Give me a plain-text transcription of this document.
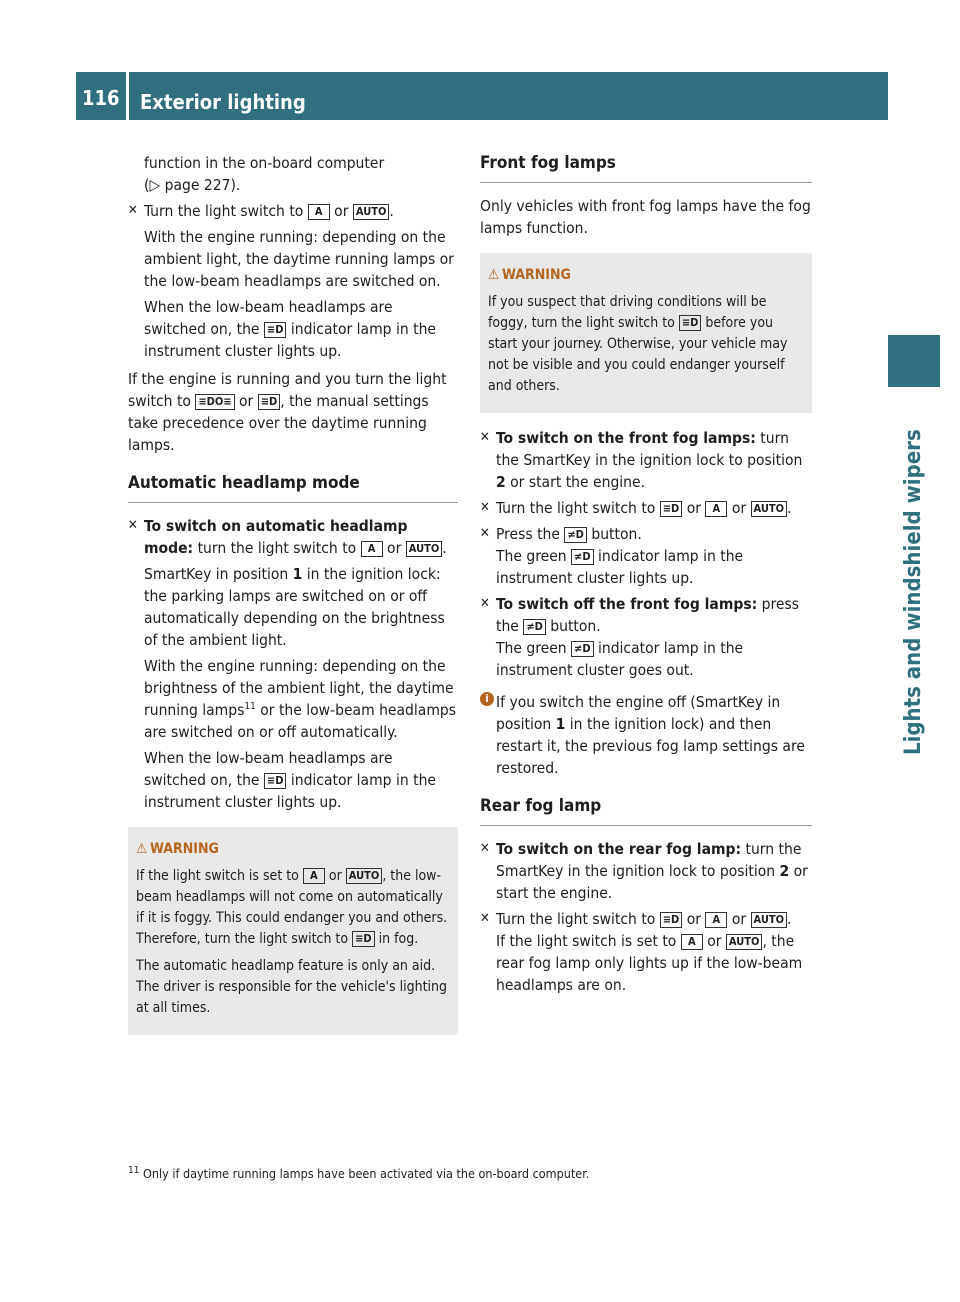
116 Exterior lighting
Lights and windshield wipers
function in the on-board computer
(▷ page 227).
✕ Turn the light switch to A or AUTO .

With the engine running: depending on the ambient light, the daytime running lamps or the low-beam headlamps are switched on.

When the low-beam headlamps are switched on, the ≡D indicator lamp in the instrument cluster lights up.

If the engine is running and you turn the light switch to ≡DO≡ or ≡D , the manual settings take precedence over the daytime running lamps.

Automatic headlamp mode
✕ To switch on automatic headlamp mode: turn the light switch to A or AUTO .

SmartKey in position 1 in the ignition lock: the parking lamps are switched on or off automatically depending on the brightness of the ambient light.

With the engine running: depending on the brightness of the ambient light, the daytime running lamps$^{11}$ or the low-beam headlamps are switched on or off automatically.

When the low-beam headlamps are switched on, the ≡D indicator lamp in the instrument cluster lights up.

⚠ WARNING

If the light switch is set to A or AUTO , the low-beam headlamps will not come on automatically if it is foggy. This could endanger you and others. Therefore, turn the light switch to ≡D in fog.

The automatic headlamp feature is only an aid. The driver is responsible for the vehicle's lighting at all times.

Front fog lamps

Only vehicles with front fog lamps have the fog lamps function.

⚠ WARNING

If you suspect that driving conditions will be foggy, turn the light switch to ≡D before you start your journey. Otherwise, your vehicle may not be visible and you could endanger yourself and others.

✕ To switch on the front fog lamps: turn the SmartKey in the ignition lock to position 2 or start the engine.

✕ Turn the light switch to ≡D or A or AUTO .

✕ Press the ≠D button.
The green ≠D indicator lamp in the instrument cluster lights up.

✕ To switch off the front fog lamps: press the ≠D button.
The green ≠D indicator lamp in the instrument cluster goes out.

i If you switch the engine off (SmartKey in position 1 in the ignition lock) and then restart it, the previous fog lamp settings are restored.

Rear fog lamp
✕ To switch on the rear fog lamp: turn the SmartKey in the ignition lock to position 2 or start the engine.

✕ Turn the light switch to ≡D or A or AUTO .
If the light switch is set to A or AUTO , the rear fog lamp only lights up if the low-beam headlamps are on.

$^{11}$ Only if daytime running lamps have been activated via the on-board computer.
